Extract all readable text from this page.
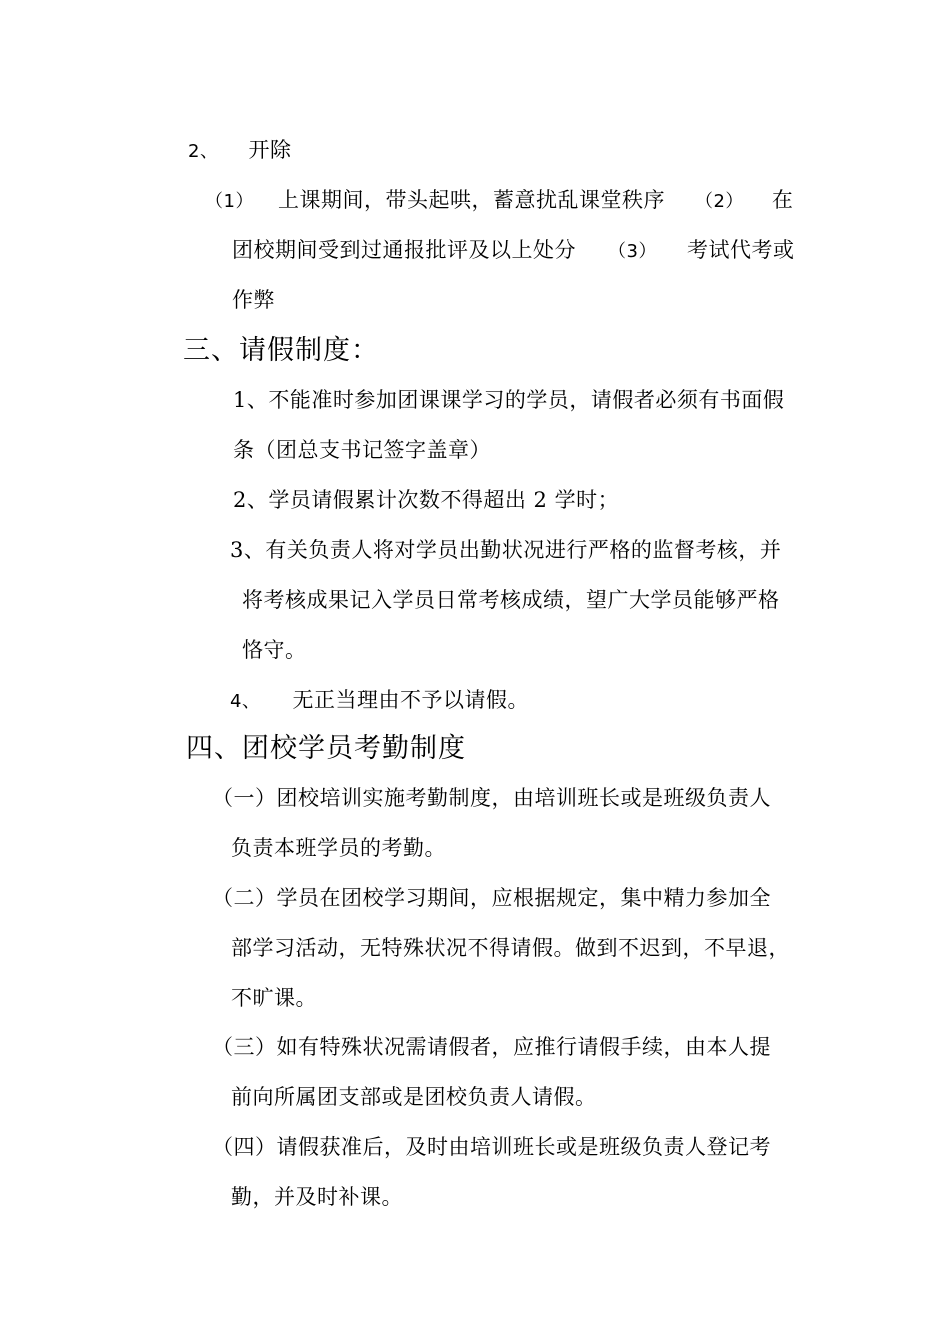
2、 开除
（1） 上课期间，带头起哄，蓄意扰乱课堂秩序 （2） 在
团校期间受到过通报批评及以上处分 （3） 考试代考或
作弊
三、请假制度：
1、不能准时参加团课课学习的学员，请假者必须有书面假
条（团总支书记签字盖章）
2、学员请假累计次数不得超出 2 学时；
3、有关负责人将对学员出勤状况进行严格的监督考核，并
将考核成果记入学员日常考核成绩，望广大学员能够严格
恪守。
4、 无正当理由不予以请假。
四、团校学员考勤制度
（一）团校培训实施考勤制度，由培训班长或是班级负责人
负责本班学员的考勤。
（二）学员在团校学习期间，应根据规定，集中精力参加全
部学习活动，无特殊状况不得请假。做到不迟到，不早退，
不旷课。
（三）如有特殊状况需请假者，应推行请假手续，由本人提
前向所属团支部或是团校负责人请假。
（四）请假获准后，及时由培训班长或是班级负责人登记考
勤，并及时补课。
